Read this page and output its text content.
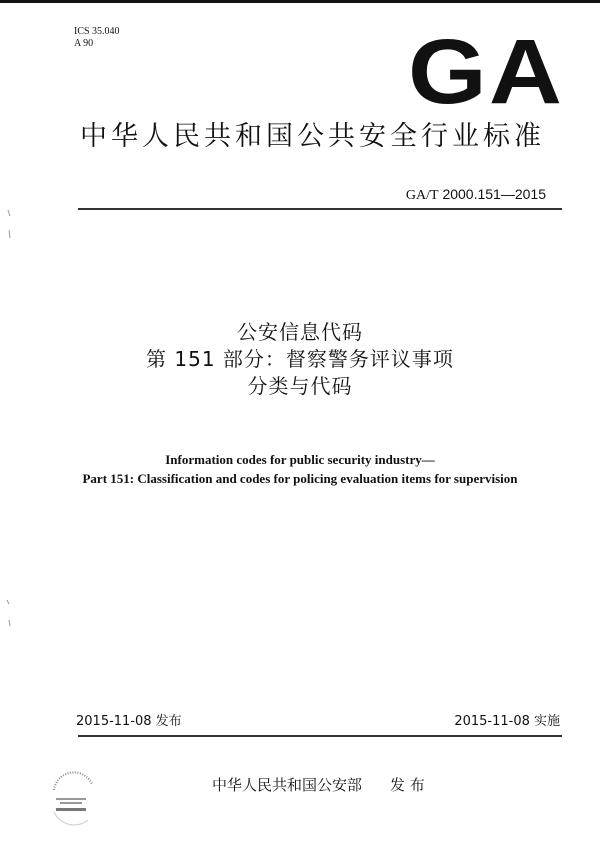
ICS 35.040
A 90	GA
中华人民共和国公共安全行业标准
GA/T 2000.151—2015
公安信息代码
第 151 部分：督察警务评议事项
分类与代码
Information codes for public security industry—
Part 151: Classification and codes for policing evaluation items for supervision
2015-11-08 发布	2015-11-08 实施
中华人民共和国公安部 发 布
